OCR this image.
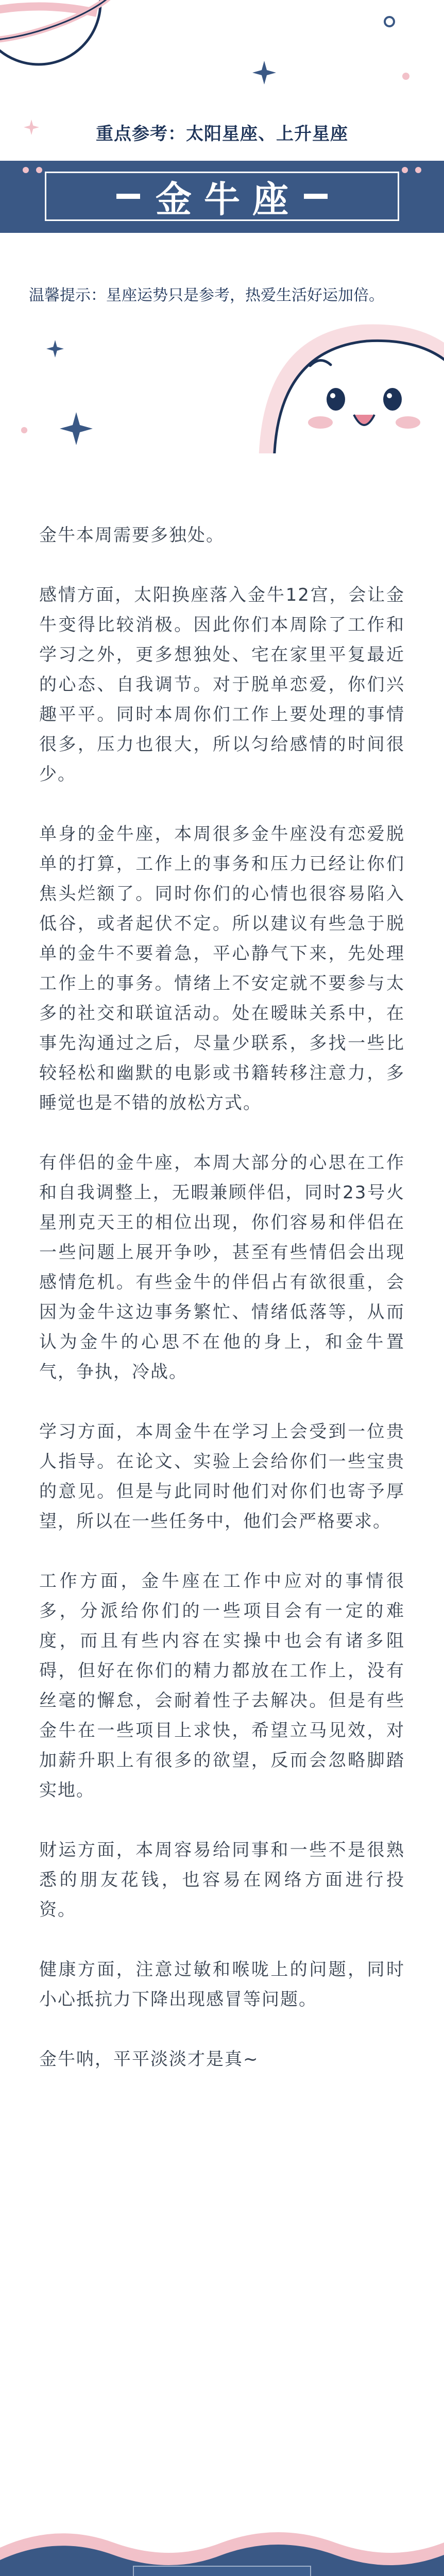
重点参考：太阳星座、上升星座
金牛座
温馨提示：星座运势只是参考，热爱生活好运加倍。

金牛本周需要多独处。

感情方面，太阳换座落入金牛12宫，会让金牛变得比较消极。因此你们本周除了工作和学习之外，更多想独处、宅在家里平复最近的心态、自我调节。对于脱单恋爱，你们兴趣平平。同时本周你们工作上要处理的事情很多，压力也很大，所以匀给感情的时间很少。

单身的金牛座，本周很多金牛座没有恋爱脱单的打算，工作上的事务和压力已经让你们焦头烂额了。同时你们的心情也很容易陷入低谷，或者起伏不定。所以建议有些急于脱单的金牛不要着急，平心静气下来，先处理工作上的事务。情绪上不安定就不要参与太多的社交和联谊活动。处在暧昧关系中，在事先沟通过之后，尽量少联系，多找一些比较轻松和幽默的电影或书籍转移注意力，多睡觉也是不错的放松方式。

有伴侣的金牛座，本周大部分的心思在工作和自我调整上，无暇兼顾伴侣，同时23号火星刑克天王的相位出现，你们容易和伴侣在一些问题上展开争吵，甚至有些情侣会出现感情危机。有些金牛的伴侣占有欲很重，会因为金牛这边事务繁忙、情绪低落等，从而认为金牛的心思不在他的身上，和金牛置气，争执，冷战。

学习方面，本周金牛在学习上会受到一位贵人指导。在论文、实验上会给你们一些宝贵的意见。但是与此同时他们对你们也寄予厚望，所以在一些任务中，他们会严格要求。

工作方面，金牛座在工作中应对的事情很多，分派给你们的一些项目会有一定的难度，而且有些内容在实操中也会有诸多阻碍，但好在你们的精力都放在工作上，没有丝毫的懈怠，会耐着性子去解决。但是有些金牛在一些项目上求快，希望立马见效，对加薪升职上有很多的欲望，反而会忽略脚踏实地。

财运方面，本周容易给同事和一些不是很熟悉的朋友花钱，也容易在网络方面进行投资。

健康方面，注意过敏和喉咙上的问题，同时小心抵抗力下降出现感冒等问题。

金牛呐，平平淡淡才是真~
